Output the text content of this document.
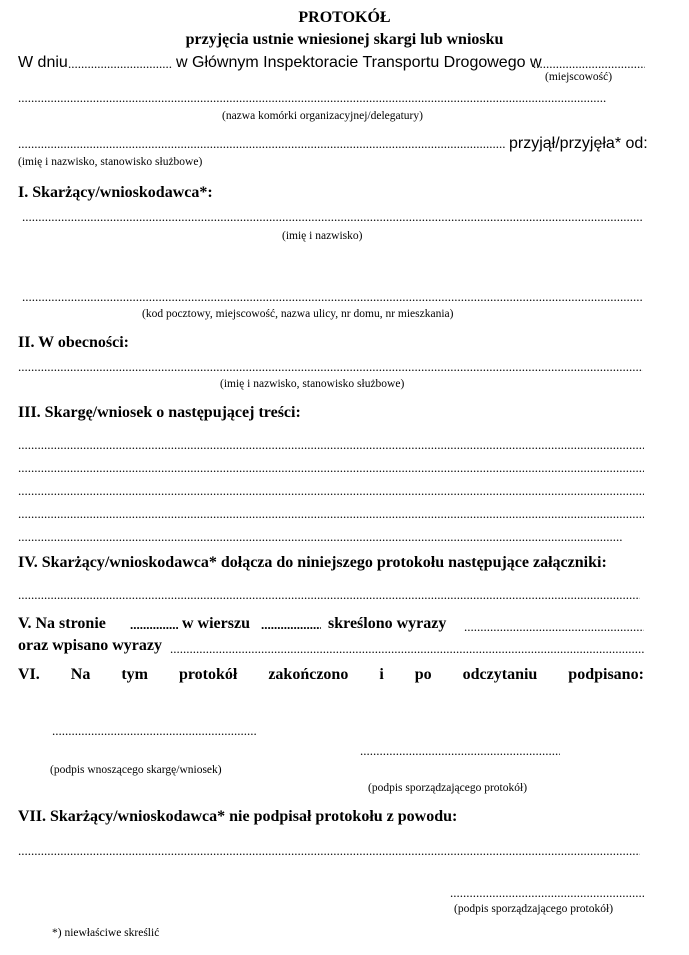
PROTOKÓŁ
przyjęcia ustnie wniesionej skargi lub wniosku
W dniu .....	w Głównym Inspektoracie Transportu Drogowego w
.....
(miejscowość)
.....
(nazwa komórki organizacyjnej/delegatury)
.....
przyjął/przyjęła* od:
(imię i nazwisko, stanowisko służbowe)
I. Skarżący/wnioskodawca*:
.....
(imię i nazwisko)
.....
(kod pocztowy, miejscowość, nazwa ulicy, nr domu, nr mieszkania)
II. W obecności:
.....
(imię i nazwisko, stanowisko służbowe)
III. Skargę/wniosek o następującej treści:
.....
.....
.....
.....
.....
IV. Skarżący/wnioskodawca* dołącza do niniejszego protokołu następujące załączniki:
.....
V. Na stronie .....	w wierszu .....	skreślono wyrazy
.....
oraz wpisano wyrazy
.....
VI. Na tym protokół zakończono i po odczytaniu podpisano:
.....
.....
(podpis wnoszącego skargę/wniosek)
(podpis sporządzającego protokół)
VII. Skarżący/wnioskodawca* nie podpisał protokołu z powodu:
.....
.....
(podpis sporządzającego protokół)
*) niewłaściwe skreślić
